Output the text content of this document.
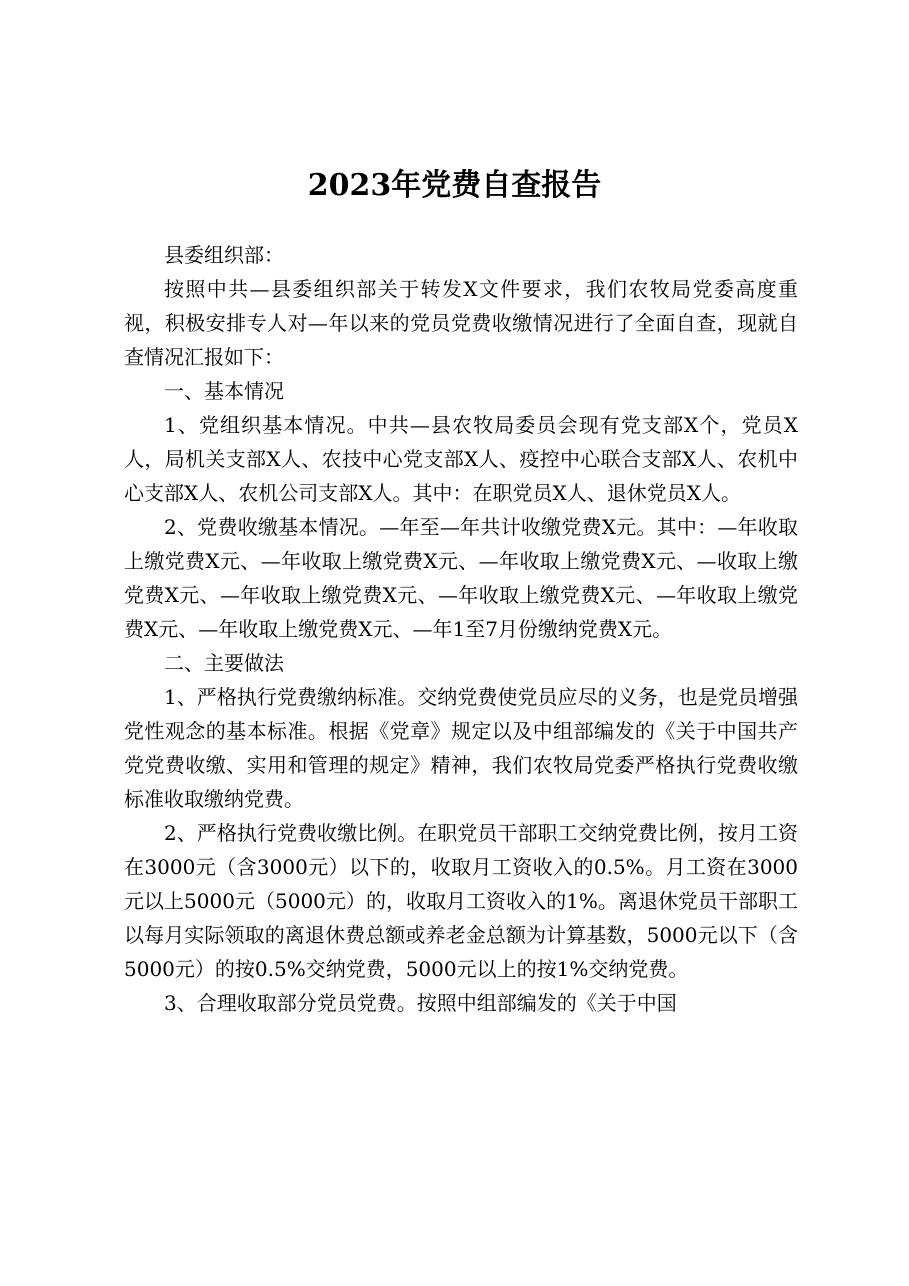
2023年党费自查报告

县委组织部：

按照中共—县委组织部关于转发X文件要求，我们农牧局党委高度重视，积极安排专人对—年以来的党员党费收缴情况进行了全面自查，现就自查情况汇报如下：

一、基本情况

1、党组织基本情况。中共—县农牧局委员会现有党支部X个，党员X人，局机关支部X人、农技中心党支部X人、疫控中心联合支部X人、农机中心支部X人、农机公司支部X人。其中：在职党员X人、退休党员X人。

2、党费收缴基本情况。—年至—年共计收缴党费X元。其中：—年收取上缴党费X元、—年收取上缴党费X元、—年收取上缴党费X元、—收取上缴党费X元、—年收取上缴党费X元、—年收取上缴党费X元、—年收取上缴党费X元、—年收取上缴党费X元、—年1至7月份缴纳党费X元。

二、主要做法

1、严格执行党费缴纳标准。交纳党费使党员应尽的义务，也是党员增强党性观念的基本标准。根据《党章》规定以及中组部编发的《关于中国共产党党费收缴、实用和管理的规定》精神，我们农牧局党委严格执行党费收缴标准收取缴纳党费。

2、严格执行党费收缴比例。在职党员干部职工交纳党费比例，按月工资在3000元（含3000元）以下的，收取月工资收入的0.5%。月工资在3000元以上5000元（5000元）的，收取月工资收入的1%。离退休党员干部职工以每月实际领取的离退休费总额或养老金总额为计算基数，5000元以下（含5000元）的按0.5%交纳党费，5000元以上的按1%交纳党费。

3、合理收取部分党员党费。按照中组部编发的《关于中国
